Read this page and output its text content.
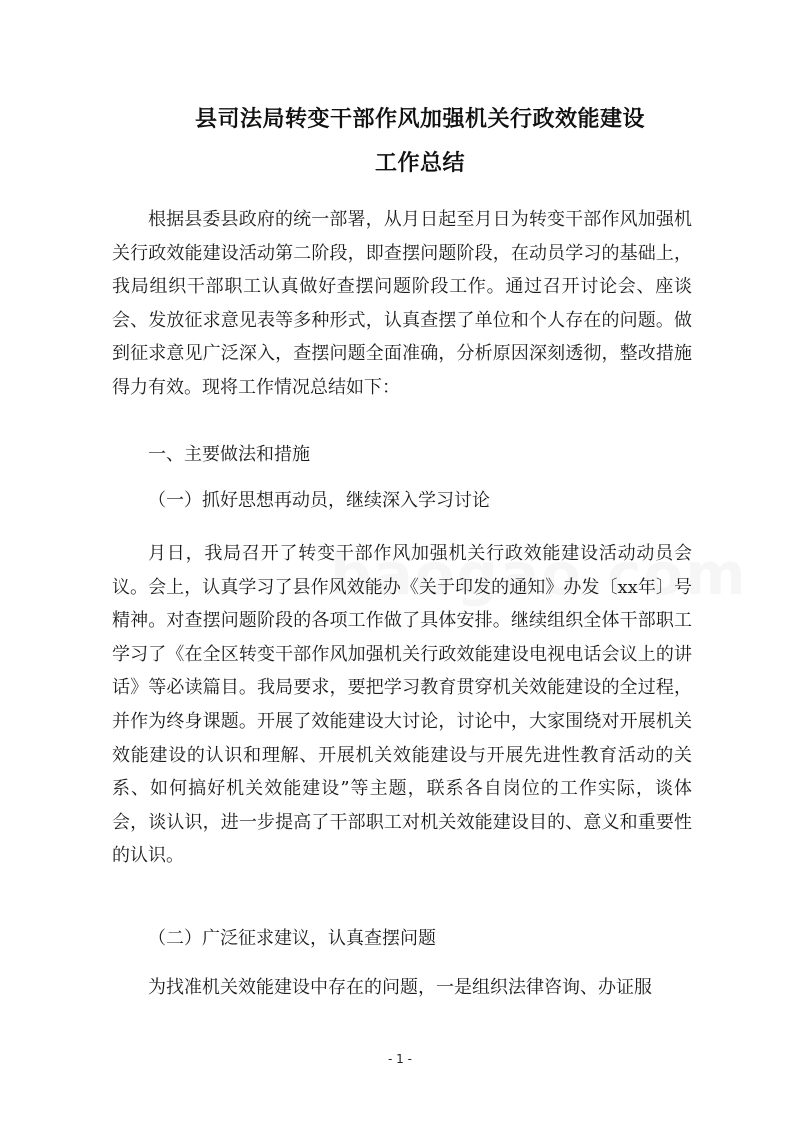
县司法局转变干部作风加强机关行政效能建设
工作总结

根据县委县政府的统一部署，从月日起至月日为转变干部作风加强机关行政效能建设活动第二阶段，即查摆问题阶段，在动员学习的基础上，我局组织干部职工认真做好查摆问题阶段工作。通过召开讨论会、座谈会、发放征求意见表等多种形式，认真查摆了单位和个人存在的问题。做到征求意见广泛深入，查摆问题全面准确，分析原因深刻透彻，整改措施得力有效。现将工作情况总结如下：

一、主要做法和措施

（一）抓好思想再动员，继续深入学习讨论

月日，我局召开了转变干部作风加强机关行政效能建设活动动员会议。会上，认真学习了县作风效能办《关于印发的通知》办发〔xx年〕号精神。对查摆问题阶段的各项工作做了具体安排。继续组织全体干部职工学习了《在全区转变干部作风加强机关行政效能建设电视电话会议上的讲话》等必读篇目。我局要求，要把学习教育贯穿机关效能建设的全过程，并作为终身课题。开展了效能建设大讨论，讨论中，大家围绕对开展机关效能建设的认识和理解、开展机关效能建设与开展先进性教育活动的关系、如何搞好机关效能建设”等主题，联系各自岗位的工作实际，谈体会，谈认识，进一步提高了干部职工对机关效能建设目的、意义和重要性的认识。

（二）广泛征求建议，认真查摆问题

为找准机关效能建设中存在的问题，一是组织法律咨询、办证服

- 1 -
